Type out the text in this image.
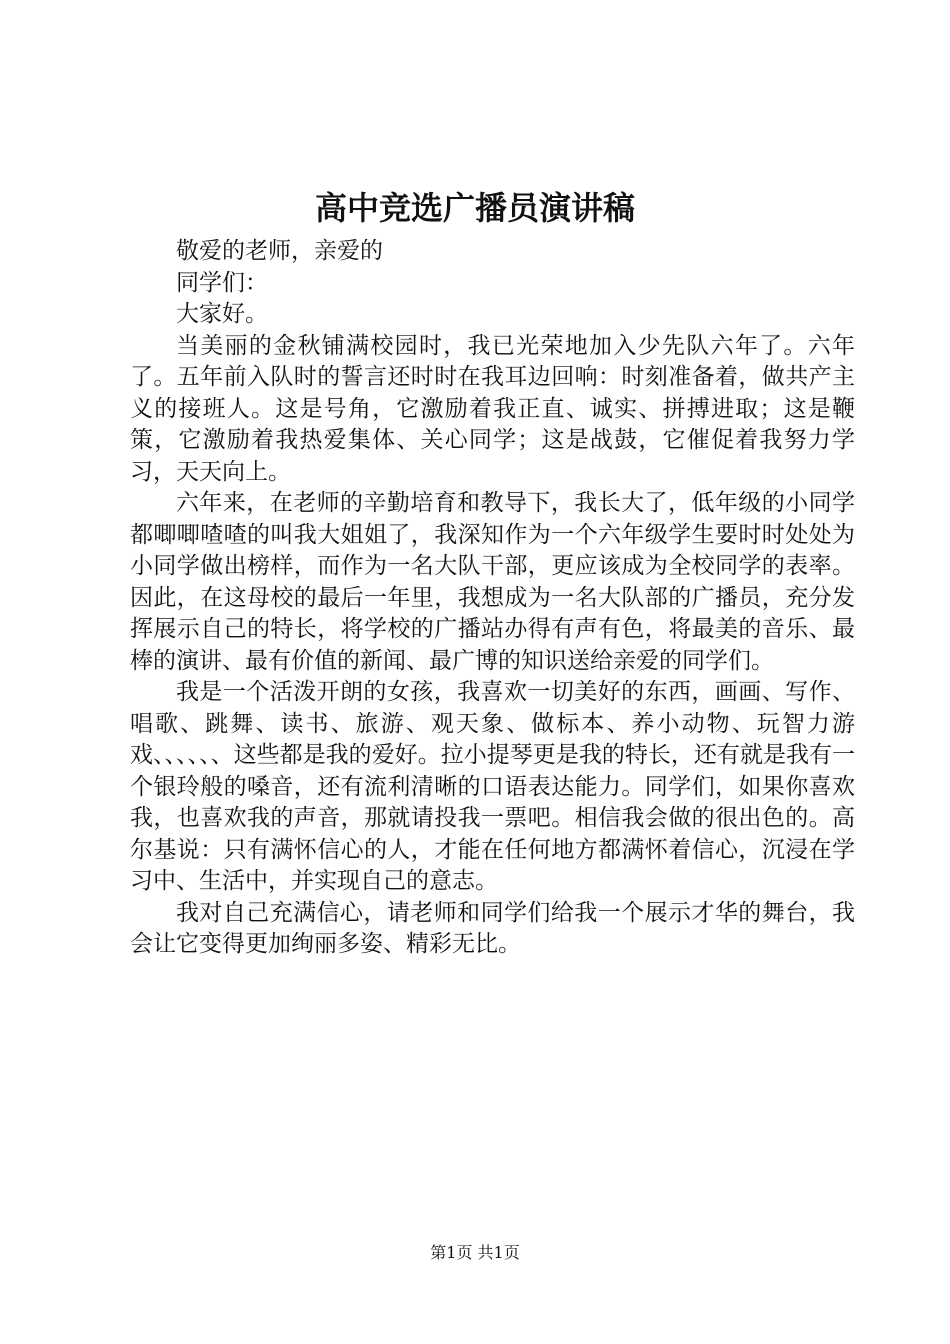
高中竞选广播员演讲稿

敬爱的老师，亲爱的

同学们：

大家好。

当美丽的金秋铺满校园时，我已光荣地加入少先队六年了。六年了。五年前入队时的誓言还时时在我耳边回响：时刻准备着，做共产主义的接班人。这是号角，它激励着我正直、诚实、拼搏进取；这是鞭策，它激励着我热爱集体、关心同学；这是战鼓，它催促着我努力学习，天天向上。

六年来，在老师的辛勤培育和教导下，我长大了，低年级的小同学都唧唧喳喳的叫我大姐姐了，我深知作为一个六年级学生要时时处处为小同学做出榜样，而作为一名大队干部，更应该成为全校同学的表率。因此，在这母校的最后一年里，我想成为一名大队部的广播员，充分发挥展示自己的特长，将学校的广播站办得有声有色，将最美的音乐、最棒的演讲、最有价值的新闻、最广博的知识送给亲爱的同学们。

我是一个活泼开朗的女孩，我喜欢一切美好的东西，画画、写作、唱歌、跳舞、读书、旅游、观天象、做标本、养小动物、玩智力游戏、、、、、、这些都是我的爱好。拉小提琴更是我的特长，还有就是我有一个银玲般的嗓音，还有流利清晰的口语表达能力。同学们，如果你喜欢我，也喜欢我的声音，那就请投我一票吧。相信我会做的很出色的。高尔基说：只有满怀信心的人，才能在任何地方都满怀着信心，沉浸在学习中、生活中，并实现自己的意志。

我对自己充满信心，请老师和同学们给我一个展示才华的舞台，我会让它变得更加绚丽多姿、精彩无比。

第1页 共1页
